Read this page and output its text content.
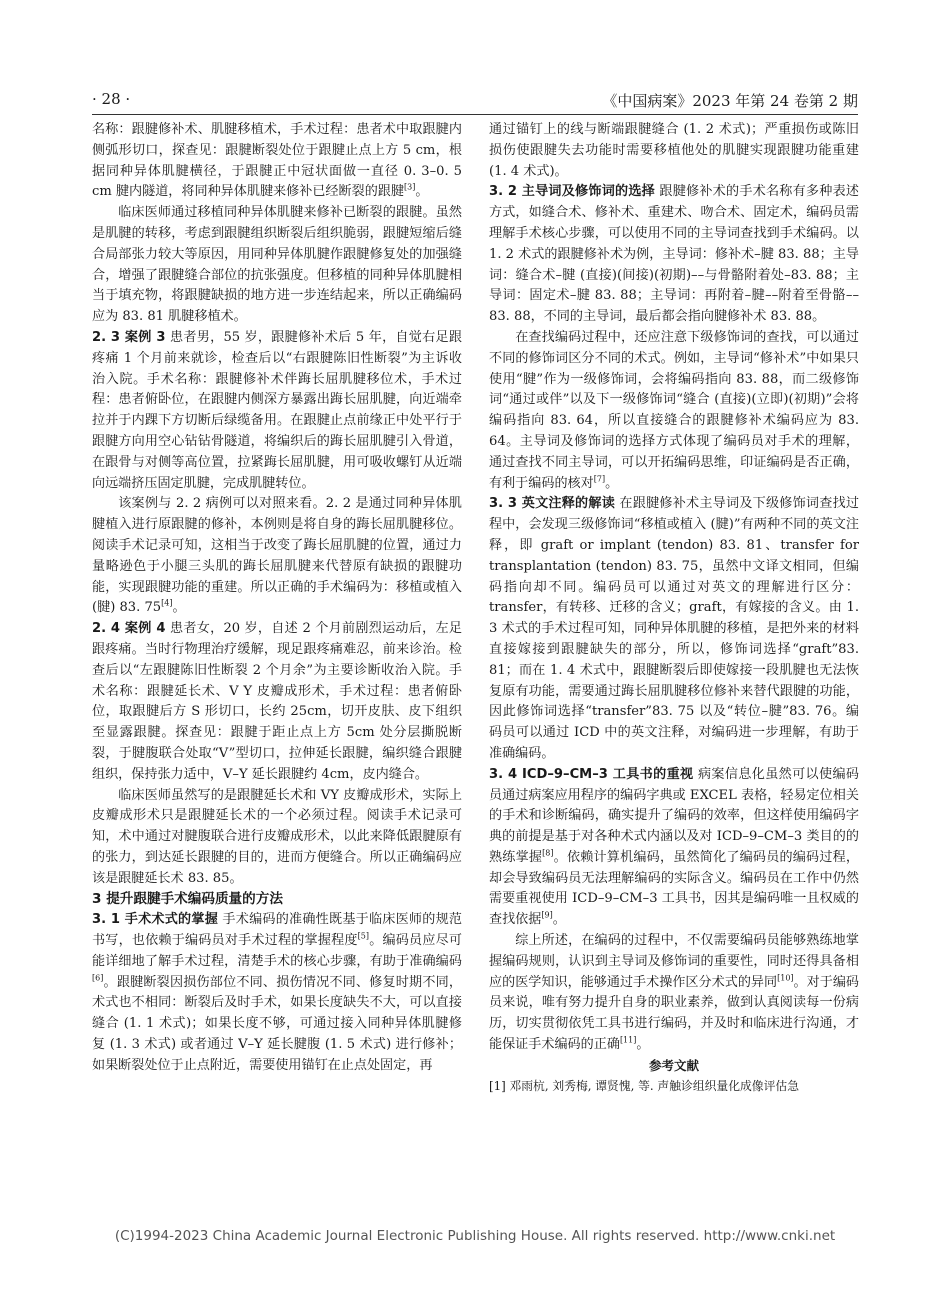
· 28 ·	《中国病案》2023 年第 24 卷第 2 期

名称：跟腱修补术、肌腱移植术，手术过程：患者术中取跟腱内侧弧形切口，探查见：跟腱断裂处位于跟腱止点上方 5 cm，根据同种异体肌腱横径，于跟腱正中冠状面做一直径 0. 3–0. 5 cm 腱内隧道，将同种异体肌腱来修补已经断裂的跟腱[3]。

临床医师通过移植同种异体肌腱来修补已断裂的跟腱。虽然是肌腱的转移，考虑到跟腱组织断裂后组织脆弱，跟腱短缩后缝合局部张力较大等原因，用同种异体肌腱作跟腱修复处的加强缝合，增强了跟腱缝合部位的抗张强度。但移植的同种异体肌腱相当于填充物，将跟腱缺损的地方进一步连结起来，所以正确编码应为 83. 81 肌腱移植术。

2. 3 案例 3 患者男，55 岁，跟腱修补术后 5 年，自觉右足跟疼痛 1 个月前来就诊，检查后以“右跟腱陈旧性断裂”为主诉收治入院。手术名称：跟腱修补术伴踇长屈肌腱移位术，手术过程：患者俯卧位，在跟腱内侧深方暴露出踇长屈肌腱，向近端牵拉并于内踝下方切断后绿缆备用。在跟腱止点前缘正中处平行于跟腱方向用空心钻钻骨隧道，将编织后的踇长屈肌腱引入骨道，在跟骨与对侧等高位置，拉紧踇长屈肌腱，用可吸收螺钉从近端向远端挤压固定肌腱，完成肌腱转位。

该案例与 2. 2 病例可以对照来看。2. 2 是通过同种异体肌腱植入进行原跟腱的修补，本例则是将自身的踇长屈肌腱移位。阅读手术记录可知，这相当于改变了踇长屈肌腱的位置，通过力量略逊色于小腿三头肌的踇长屈肌腱来代替原有缺损的跟腱功能，实现跟腱功能的重建。所以正确的手术编码为：移植或植入(腱) 83. 75[4]。

2. 4 案例 4 患者女，20 岁，自述 2 个月前剧烈运动后，左足跟疼痛。当时行物理治疗缓解，现足跟疼痛难忍，前来诊治。检查后以“左跟腱陈旧性断裂 2 个月余”为主要诊断收治入院。手术名称：跟腱延长术、V Y 皮瓣成形术，手术过程：患者俯卧位，取跟腱后方 S 形切口，长约 25cm，切开皮肤、皮下组织至显露跟腱。探查见：跟腱于距止点上方 5cm 处分层撕脱断裂，于腱腹联合处取“V”型切口，拉伸延长跟腱，编织缝合跟腱组织，保持张力适中，V–Y 延长跟腱约 4cm，皮内缝合。

临床医师虽然写的是跟腱延长术和 VY 皮瓣成形术，实际上皮瓣成形术只是跟腱延长术的一个必须过程。阅读手术记录可知，术中通过对腱腹联合进行皮瓣成形术，以此来降低跟腱原有的张力，到达延长跟腱的目的，进而方便缝合。所以正确编码应该是跟腱延长术 83. 85。

3 提升跟腱手术编码质量的方法

3. 1 手术术式的掌握 手术编码的准确性既基于临床医师的规范书写，也依赖于编码员对手术过程的掌握程度[5]。编码员应尽可能详细地了解手术过程，清楚手术的核心步骤，有助于准确编码[6]。跟腱断裂因损伤部位不同、损伤情况不同、修复时期不同，术式也不相同：断裂后及时手术，如果长度缺失不大，可以直接缝合 (1. 1 术式)；如果长度不够，可通过接入同种异体肌腱修复 (1. 3 术式) 或者通过 V–Y 延长腱腹 (1. 5 术式) 进行修补；如果断裂处位于止点附近，需要使用锚钉在止点处固定，再

通过锚钉上的线与断端跟腱缝合 (1. 2 术式)；严重损伤或陈旧损伤使跟腱失去功能时需要移植他处的肌腱实现跟腱功能重建 (1. 4 术式)。

3. 2 主导词及修饰词的选择 跟腱修补术的手术名称有多种表述方式，如缝合术、修补术、重建术、吻合术、固定术，编码员需理解手术核心步骤，可以使用不同的主导词查找到手术编码。以 1. 2 术式的跟腱修补术为例，主导词：修补术–腱 83. 88；主导词：缝合术–腱 (直接)(间接)(初期)––与骨骼附着处–83. 88；主导词：固定术–腱 83. 88；主导词：再附着–腱––附着至骨骼––83. 88，不同的主导词，最后都会指向腱修补术 83. 88。

在查找编码过程中，还应注意下级修饰词的查找，可以通过不同的修饰词区分不同的术式。例如，主导词“修补术”中如果只使用“腱”作为一级修饰词，会将编码指向 83. 88，而二级修饰词“通过或伴”以及下一级修饰词“缝合 (直接)(立即)(初期)”会将编码指向 83. 64，所以直接缝合的跟腱修补术编码应为 83. 64。主导词及修饰词的选择方式体现了编码员对手术的理解，通过查找不同主导词，可以开拓编码思维，印证编码是否正确，有利于编码的核对[7]。

3. 3 英文注释的解读 在跟腱修补术主导词及下级修饰词查找过程中，会发现三级修饰词“移植或植入 (腱)”有两种不同的英文注释，即 graft or implant (tendon) 83. 81、transfer for transplantation (tendon) 83. 75，虽然中文译文相同，但编码指向却不同。编码员可以通过对英文的理解进行区分：transfer，有转移、迁移的含义；graft，有嫁接的含义。由 1. 3 术式的手术过程可知，同种异体肌腱的移植，是把外来的材料直接嫁接到跟腱缺失的部分，所以，修饰词选择“graft”83. 81；而在 1. 4 术式中，跟腱断裂后即使嫁接一段肌腱也无法恢复原有功能，需要通过踇长屈肌腱移位修补来替代跟腱的功能，因此修饰词选择“transfer”83. 75 以及“转位–腱”83. 76。编码员可以通过 ICD 中的英文注释，对编码进一步理解，有助于准确编码。

3. 4 ICD–9–CM–3 工具书的重视 病案信息化虽然可以使编码员通过病案应用程序的编码字典或 EXCEL 表格，轻易定位相关的手术和诊断编码，确实提升了编码的效率，但这样使用编码字典的前提是基于对各种术式内涵以及对 ICD–9–CM–3 类目的的熟练掌握[8]。依赖计算机编码，虽然简化了编码员的编码过程，却会导致编码员无法理解编码的实际含义。编码员在工作中仍然需要重视使用 ICD–9–CM–3 工具书，因其是编码唯一且权威的查找依据[9]。

综上所述，在编码的过程中，不仅需要编码员能够熟练地掌握编码规则，认识到主导词及修饰词的重要性，同时还得具备相应的医学知识，能够通过手术操作区分术式的异同[10]。对于编码员来说，唯有努力提升自身的职业素养，做到认真阅读每一份病历，切实贯彻依凭工具书进行编码，并及时和临床进行沟通，才能保证手术编码的正确[11]。

参考文献

[1] 邓雨杭, 刘秀梅, 谭贤愧, 等. 声触诊组织量化成像评估急

(C)1994-2023 China Academic Journal Electronic Publishing House. All rights reserved. http://www.cnki.net
